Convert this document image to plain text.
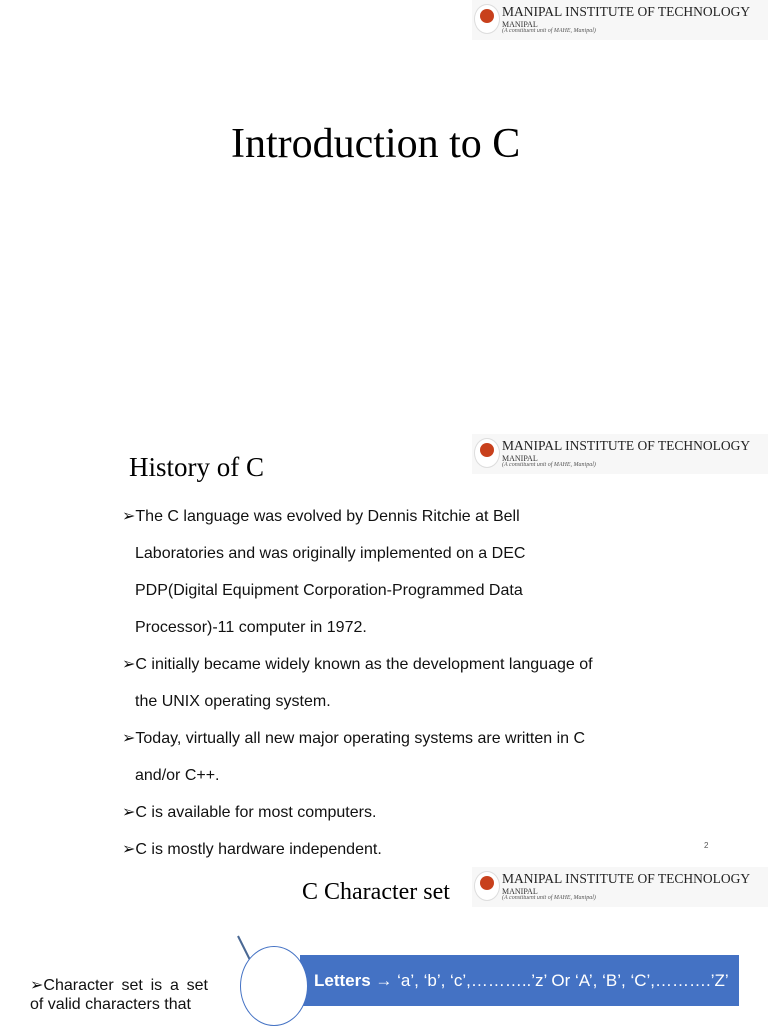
MANIPAL INSTITUTE OF TECHNOLOGY
MANIPAL
(A constituent unit of MAHE, Manipal)
Introduction to C
MANIPAL INSTITUTE OF TECHNOLOGY
MANIPAL
(A constituent unit of MAHE, Manipal)
History of C
➢The C language was evolved by Dennis Ritchie at Bell
Laboratories and was originally implemented on a DEC
PDP(Digital Equipment Corporation-Programmed Data
Processor)-11 computer in 1972.
➢C initially became widely known as the development language of
the UNIX operating system.
➢Today, virtually all new major operating systems are written in C
and/or C++.
➢C is available for most computers.
➢C is mostly hardware independent.	2
MANIPAL INSTITUTE OF TECHNOLOGY
MANIPAL
(A constituent unit of MAHE, Manipal)
C Character set
Letters → ‘a’, ‘b’, ‘c’,………..’z’ Or ‘A’, ‘B’, ‘C’,……….’Z’
➢Character set is a set of valid characters that
